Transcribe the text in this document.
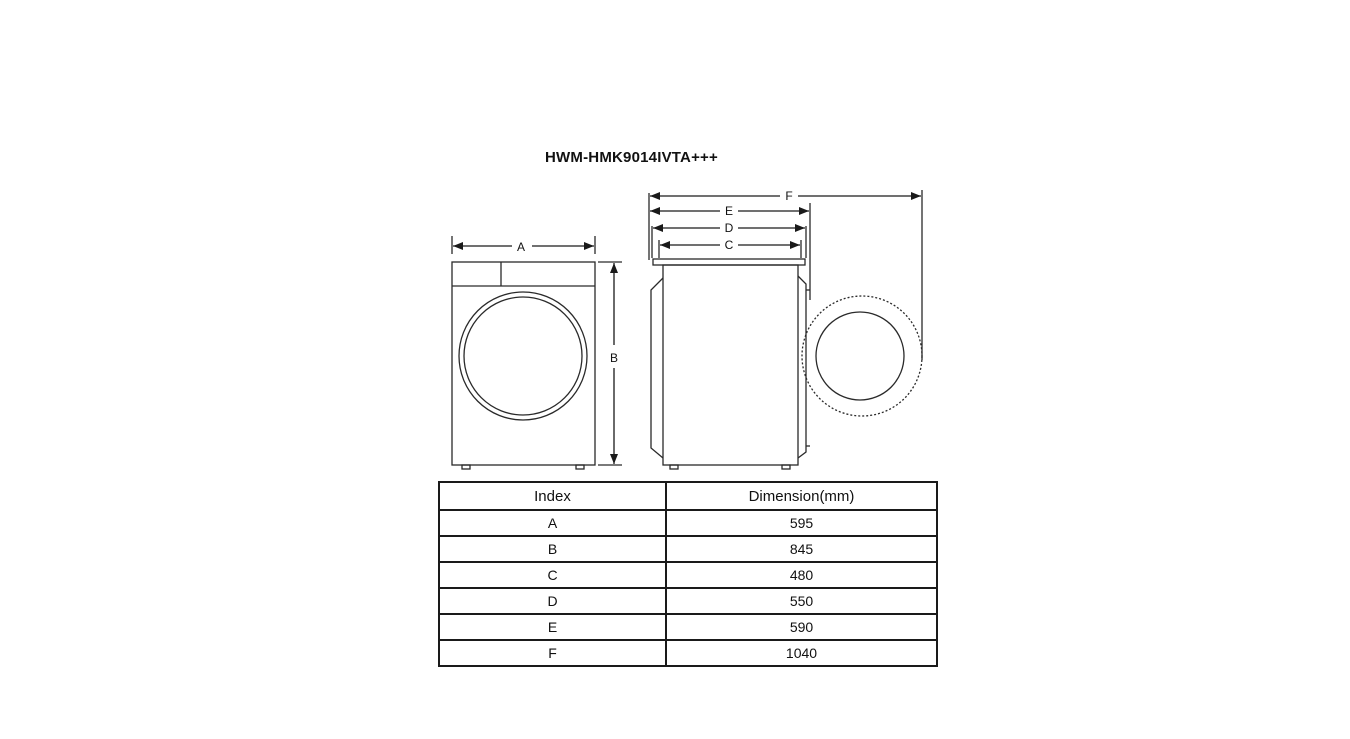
HWM-HMK9014IVTA+++
A
B
F
E
D
C
Index	Dimension(mm)
A	595
B	845
C	480
D	550
E	590
F	1040
